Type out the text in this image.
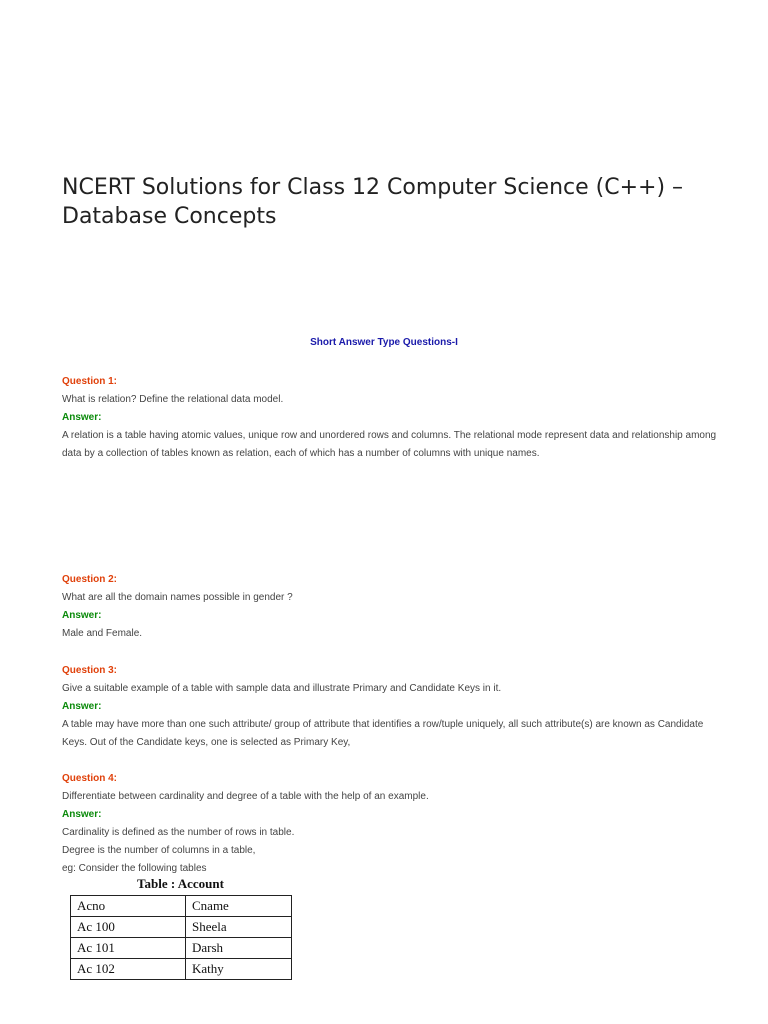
NCERT Solutions for Class 12 Computer Science (C++) – Database Concepts
Short Answer Type Questions-I
Question 1:
What is relation? Define the relational data model.
Answer:
A relation is a table having atomic values, unique row and unordered rows and columns. The relational mode represent data and relationship among data by a collection of tables known as relation, each of which has a number of columns with unique names.
Question 2:
What are all the domain names possible in gender ?
Answer:
Male and Female.
Question 3:
Give a suitable example of a table with sample data and illustrate Primary and Candidate Keys in it.
Answer:
A table may have more than one such attribute/ group of attribute that identifies a row/tuple uniquely, all such attribute(s) are known as Candidate Keys. Out of the Candidate keys, one is selected as Primary Key,
Question 4:
Differentiate between cardinality and degree of a table with the help of an example.
Answer:
Cardinality is defined as the number of rows in table.
Degree is the number of columns in a table,
eg: Consider the following tables
Table : Account
Acno	Cname
Ac 100	Sheela
Ac 101	Darsh
Ac 102	Kathy
